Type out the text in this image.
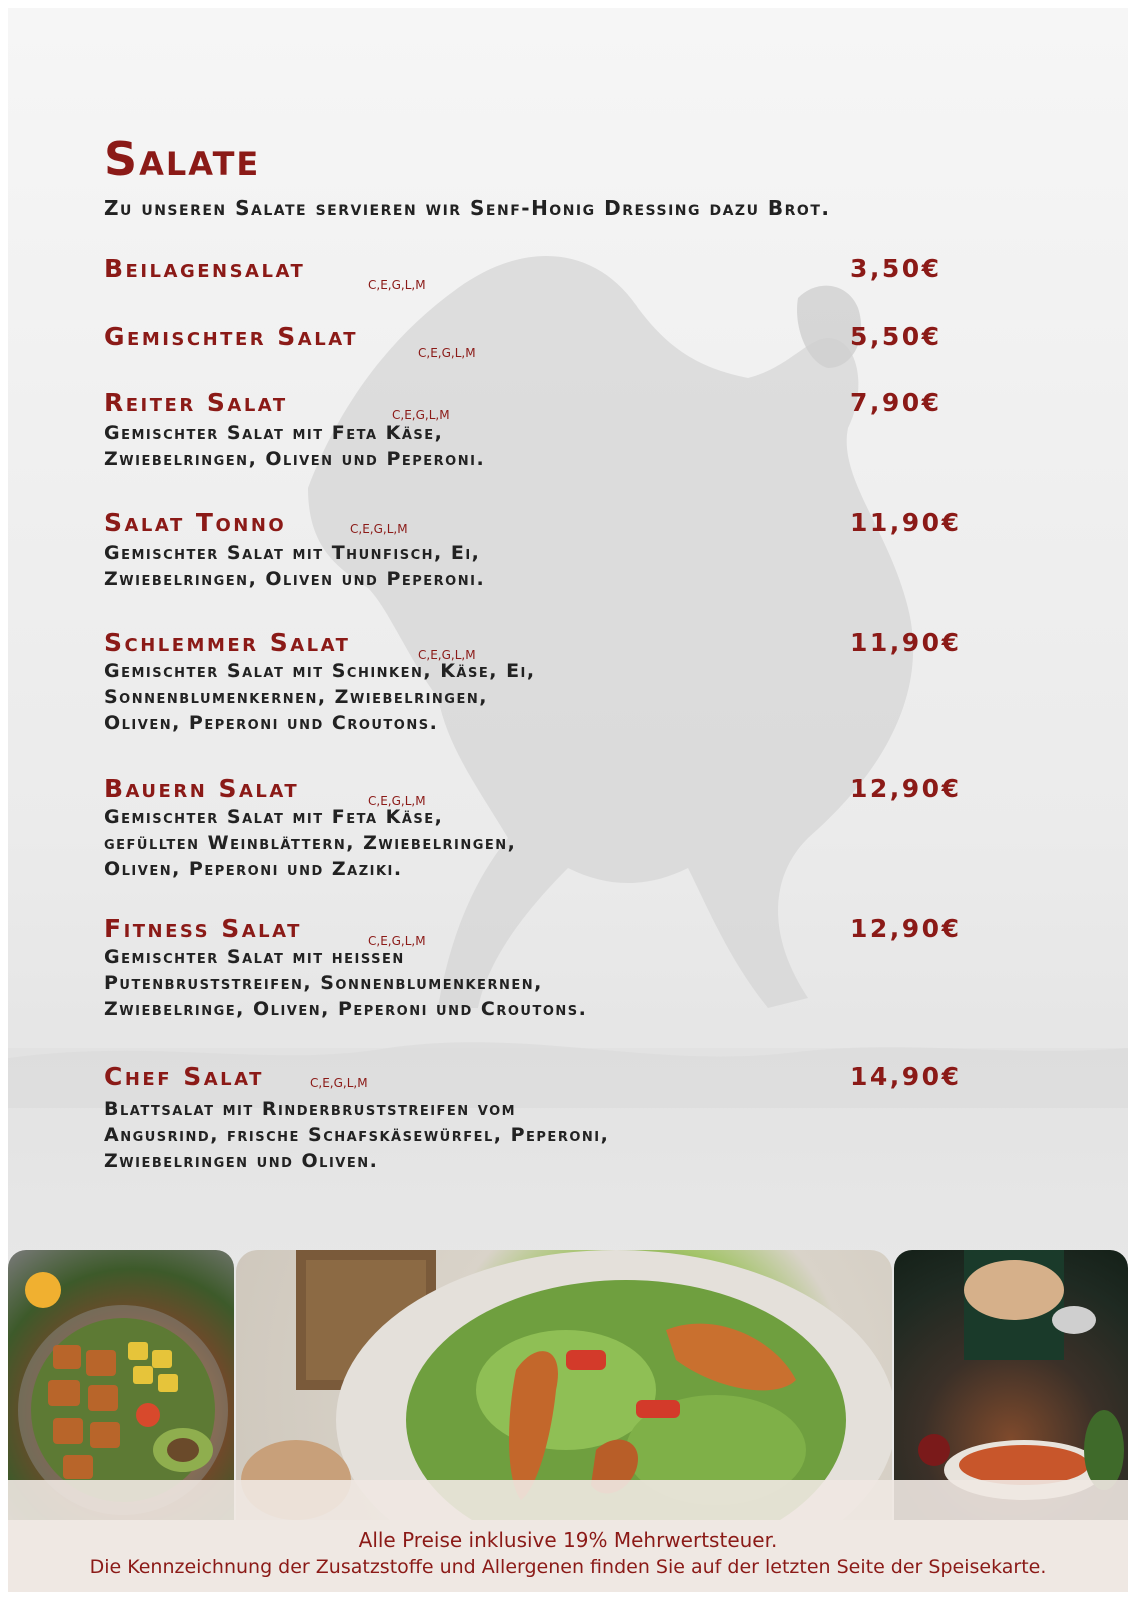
Salate
Zu unseren Salate servieren wir Senf-Honig Dressing dazu Brot.
Beilagensalat
C,E,G,L,M
3,50€
Gemischter Salat
C,E,G,L,M
5,50€
Reiter Salat	C,E,G,L,M	7,90€
Gemischter Salat mit Feta Käse,
Zwiebelringen, Oliven und Peperoni.
Salat Tonno	C,E,G,L,M	11,90€
Gemischter Salat mit Thunfisch, Ei,
Zwiebelringen, Oliven und Peperoni.
Schlemmer Salat	C,E,G,L,M	11,90€
Gemischter Salat mit Schinken, Käse, Ei,
Sonnenblumenkernen, Zwiebelringen,
Oliven, Peperoni und Croutons.
Bauern Salat	C,E,G,L,M	12,90€
Gemischter Salat mit Feta Käse,
gefüllten Weinblättern, Zwiebelringen,
Oliven, Peperoni und Zaziki.
Fitness Salat	C,E,G,L,M	12,90€
Gemischter Salat mit heissen
Putenbruststreifen, Sonnenblumenkernen,
Zwiebelringe, Oliven, Peperoni und Croutons.
Chef Salat	C,E,G,L,M	14,90€
Blattsalat mit Rinderbruststreifen vom
Angusrind, frische Schafskäsewürfel, Peperoni,
Zwiebelringen und Oliven.
Alle Preise inklusive 19% Mehrwertsteuer.
Die Kennzeichnung der Zusatzstoffe und Allergenen finden Sie auf der letzten Seite der Speisekarte.
